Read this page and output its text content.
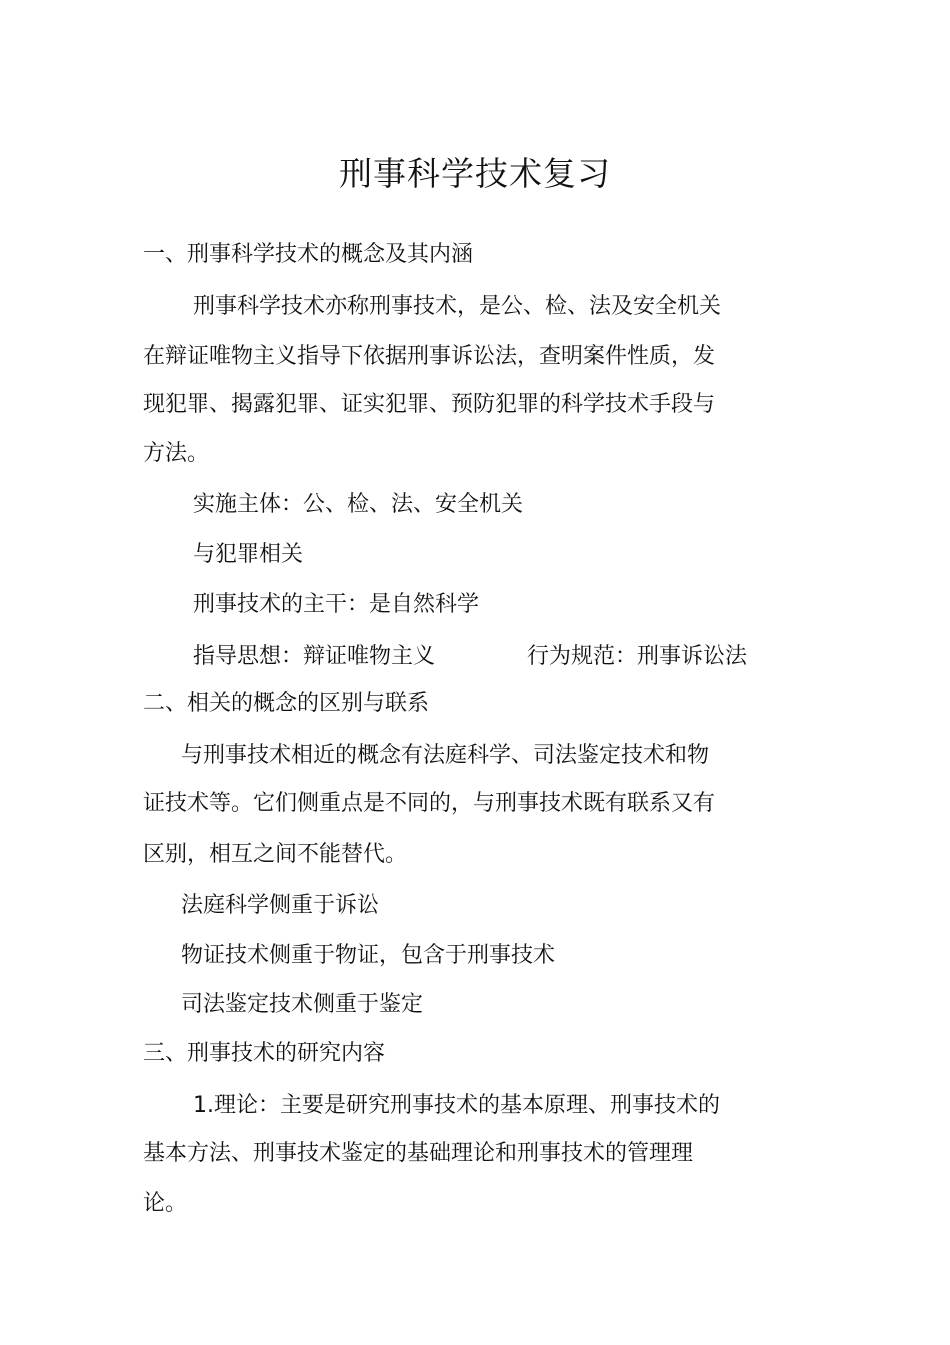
刑事科学技术复习

一、刑事科学技术的概念及其内涵

刑事科学技术亦称刑事技术，是公、检、法及安全机关

在辩证唯物主义指导下依据刑事诉讼法，查明案件性质，发

现犯罪、揭露犯罪、证实犯罪、预防犯罪的科学技术手段与

方法。

实施主体：公、检、法、安全机关

与犯罪相关

刑事技术的主干：是自然科学

指导思想：辩证唯物主义	行为规范：刑事诉讼法

二、相关的概念的区别与联系

与刑事技术相近的概念有法庭科学、司法鉴定技术和物

证技术等。它们侧重点是不同的，与刑事技术既有联系又有

区别，相互之间不能替代。

法庭科学侧重于诉讼

物证技术侧重于物证，包含于刑事技术

司法鉴定技术侧重于鉴定

三、刑事技术的研究内容

1.理论：主要是研究刑事技术的基本原理、刑事技术的

基本方法、刑事技术鉴定的基础理论和刑事技术的管理理

论。
